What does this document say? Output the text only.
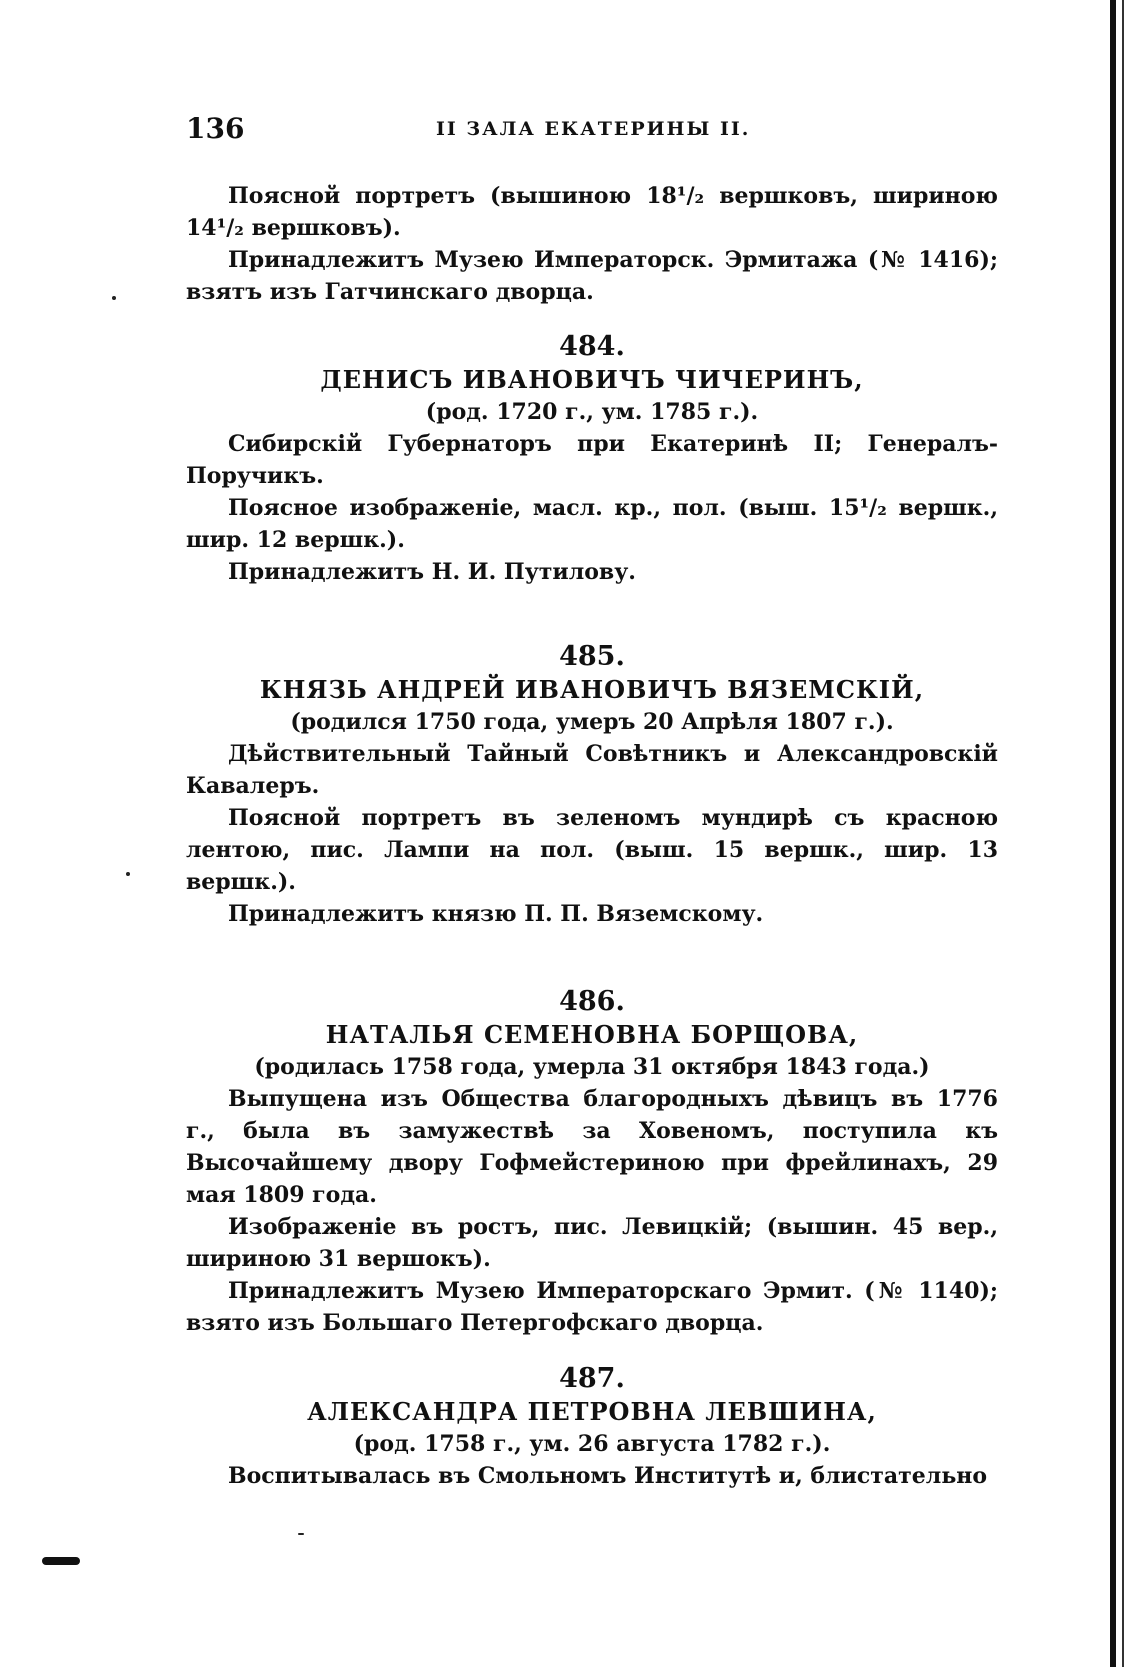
136	II ЗАЛА ЕКАТЕРИНЫ II.

Поясной портретъ (вышиною 18¹/₂ вершковъ, шириною 14¹/₂ вершковъ).

Принадлежитъ Музею Императорск. Эрмитажа (№ 1416); взятъ изъ Гатчинскаго дворца.

484.

ДЕНИСЪ ИВАНОВИЧЪ ЧИЧЕРИНЪ,

(род. 1720 г., ум. 1785 г.).

Сибирскій Губернаторъ при Екатеринѣ II; Генералъ-Поручикъ.

Поясное изображеніе, масл. кр., пол. (выш. 15¹/₂ вершк., шир. 12 вершк.).

Принадлежитъ Н. И. Путилову.

485.

КНЯЗЬ АНДРЕЙ ИВАНОВИЧЪ ВЯЗЕМСКІЙ,

(родился 1750 года, умеръ 20 Апрѣля 1807 г.).

Дѣйствительный Тайный Совѣтникъ и Александровскій Кавалеръ.

Поясной портретъ въ зеленомъ мундирѣ съ красною лентою, пис. Лампи на пол. (выш. 15 вершк., шир. 13 вершк.).

Принадлежитъ князю П. П. Вяземскому.

486.

НАТАЛЬЯ СЕМЕНОВНА БОРЩОВА,

(родилась 1758 года, умерла 31 октября 1843 года.)

Выпущена изъ Общества благородныхъ дѣвицъ въ 1776 г., была въ замужествѣ за Ховеномъ, поступила къ Высочайшему двору Гофмейстериною при фрейлинахъ, 29 мая 1809 года.

Изображеніе въ ростъ, пис. Левицкій; (вышин. 45 вер., шириною 31 вершокъ).

Принадлежитъ Музею Императорскаго Эрмит. (№ 1140); взято изъ Большаго Петергофскаго дворца.

487.

АЛЕКСАНДРА ПЕТРОВНА ЛЕВШИНА,

(род. 1758 г., ум. 26 августа 1782 г.).

Воспитывалась въ Смольномъ Институтѣ и, блистательно
